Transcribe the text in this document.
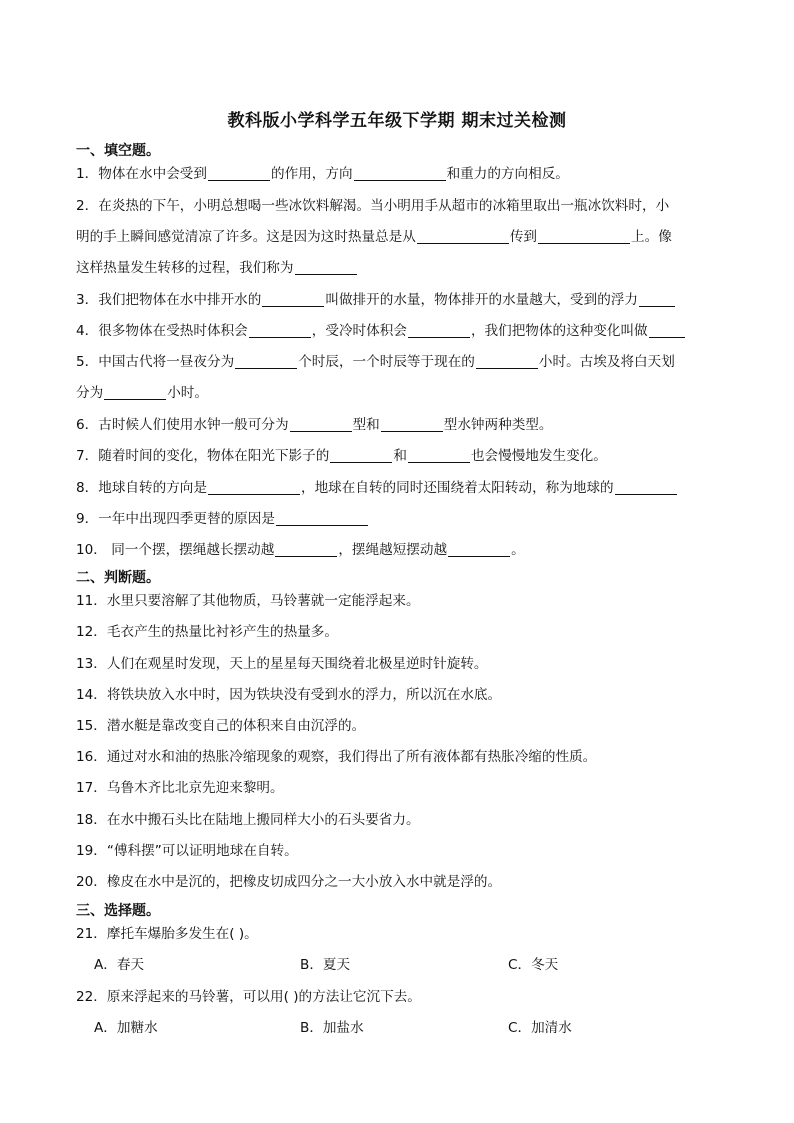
教科版小学科学五年级下学期 期末过关检测
一、填空题。
1．物体在水中会受到	的作用，方向	和重力的方向相反。
2．在炎热的下午，小明总想喝一些冰饮料解渴。当小明用手从超市的冰箱里取出一瓶冰饮料时，小
明的手上瞬间感觉清凉了许多。这是因为这时热量总是从	传到	上。像
这样热量发生转移的过程，我们称为
3．我们把物体在水中排开水的	叫做排开的水量，物体排开的水量越大，受到的浮力
4．很多物体在受热时体积会	，受冷时体积会	，我们把物体的这种变化叫做
5．中国古代将一昼夜分为	个时辰，一个时辰等于现在的	小时。古埃及将白天划
分为	小时。
6．古时候人们使用水钟一般可分为	型和	型水钟两种类型。
7．随着时间的变化，物体在阳光下影子的	和	也会慢慢地发生变化。
8．地球自转的方向是	，地球在自转的同时还围绕着太阳转动，称为地球的
9．一年中出现四季更替的原因是
10． 同一个摆，摆绳越长摆动越	，摆绳越短摆动越	。
二、判断题。
11．水里只要溶解了其他物质，马铃薯就一定能浮起来。
12．毛衣产生的热量比衬衫产生的热量多。
13．人们在观星时发现，天上的星星每天围绕着北极星逆时针旋转。
14．将铁块放入水中时，因为铁块没有受到水的浮力，所以沉在水底。
15．潜水艇是靠改变自己的体积来自由沉浮的。
16．通过对水和油的热胀冷缩现象的观察，我们得出了所有液体都有热胀冷缩的性质。
17．乌鲁木齐比北京先迎来黎明。
18．在水中搬石头比在陆地上搬同样大小的石头要省力。
19．“傅科摆”可以证明地球在自转。
20．橡皮在水中是沉的，把橡皮切成四分之一大小放入水中就是浮的。
三、选择题。
21．摩托车爆胎多发生在( )。
A．春天	B．夏天	C．冬天
22．原来浮起来的马铃薯，可以用( )的方法让它沉下去。
A．加糖水	B．加盐水	C．加清水
